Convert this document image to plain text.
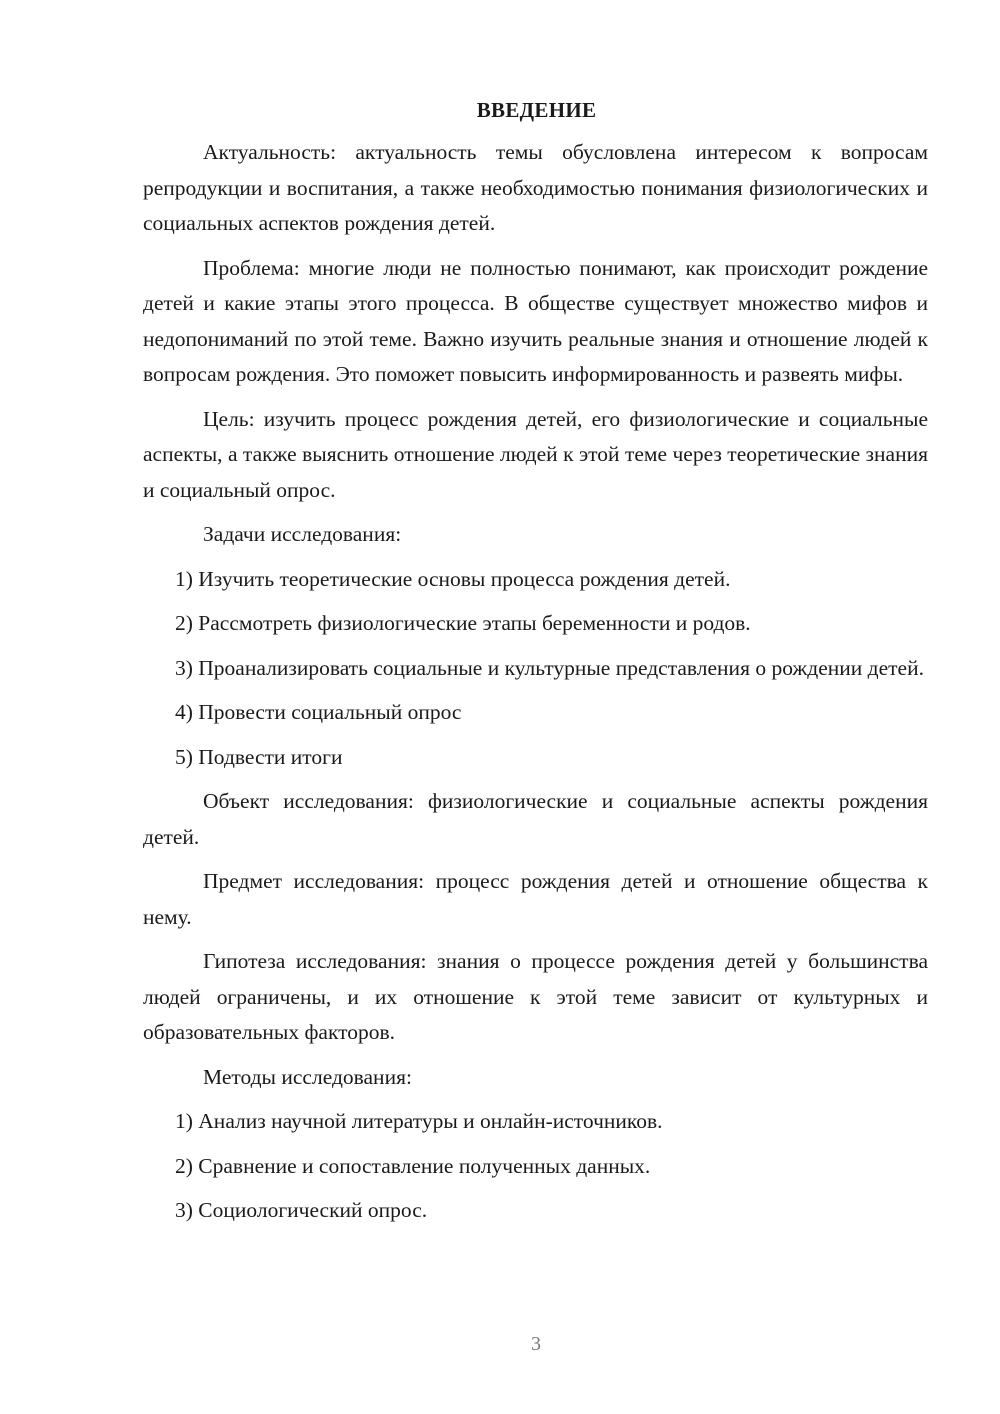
ВВЕДЕНИЕ

Актуальность: актуальность темы обусловлена интересом к вопросам репродукции и воспитания, а также необходимостью понимания физиологических и социальных аспектов рождения детей.

Проблема: многие люди не полностью понимают, как происходит рождение детей и какие этапы этого процесса. В обществе существует множество мифов и недопониманий по этой теме. Важно изучить реальные знания и отношение людей к вопросам рождения. Это поможет повысить информированность и развеять мифы.

Цель: изучить процесс рождения детей, его физиологические и социальные аспекты, а также выяснить отношение людей к этой теме через теоретические знания и социальный опрос.

Задачи исследования:

1) Изучить теоретические основы процесса рождения детей.

2) Рассмотреть физиологические этапы беременности и родов.

3) Проанализировать социальные и культурные представления о рождении детей.

4) Провести социальный опрос

5) Подвести итоги

Объект исследования: физиологические и социальные аспекты рождения детей.

Предмет исследования: процесс рождения детей и отношение общества к нему.

Гипотеза исследования: знания о процессе рождения детей у большинства людей ограничены, и их отношение к этой теме зависит от культурных и образовательных факторов.

Методы исследования:

1) Анализ научной литературы и онлайн-источников.

2) Сравнение и сопоставление полученных данных.

3) Социологический опрос.

3
